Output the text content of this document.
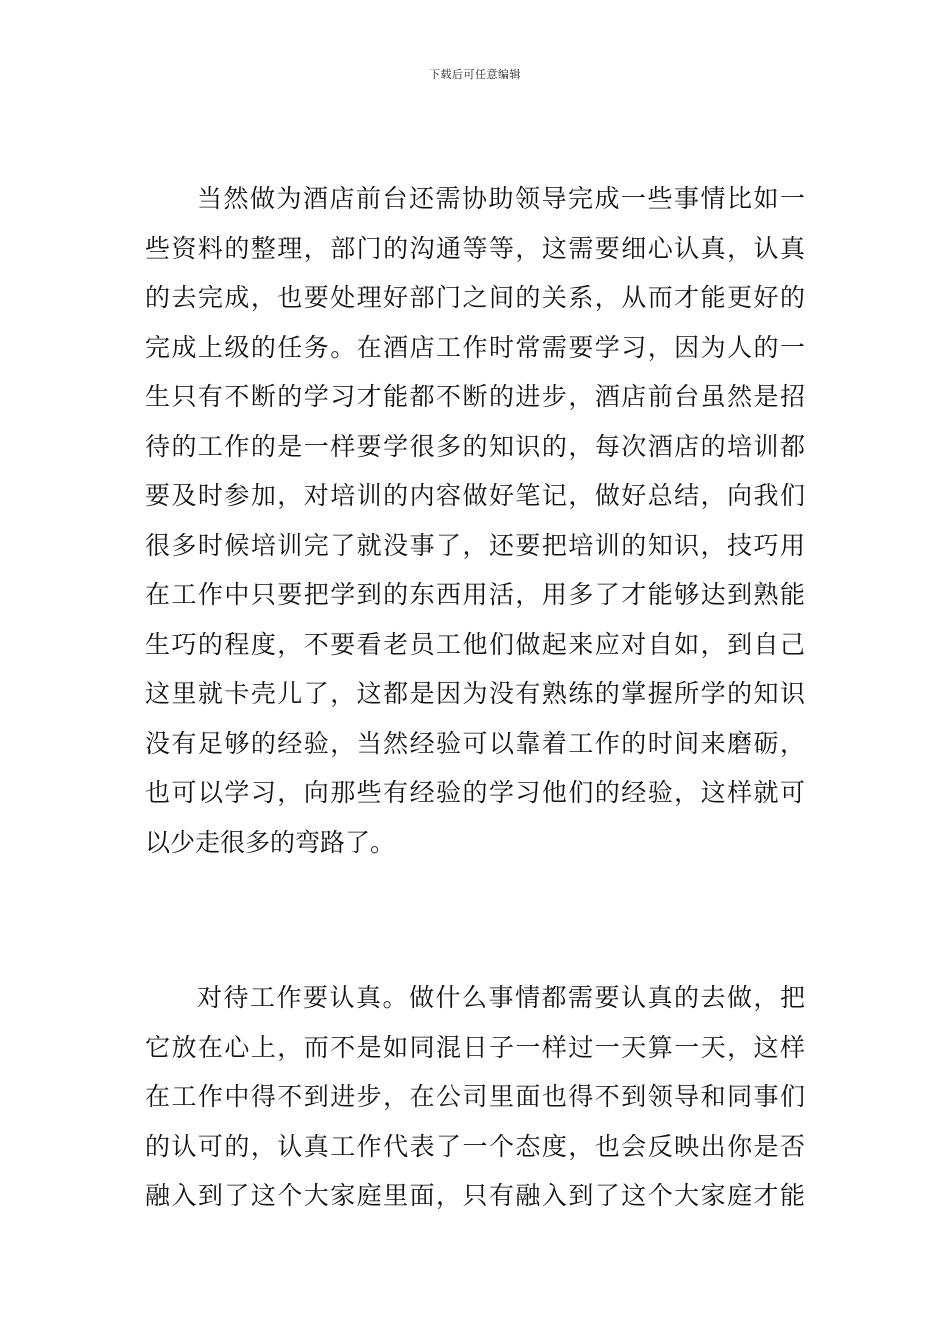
下载后可任意编辑
当然做为酒店前台还需协助领导完成一些事情比如一
些资料的整理，部门的沟通等等，这需要细心认真，认真
的去完成，也要处理好部门之间的关系，从而才能更好的
完成上级的任务。在酒店工作时常需要学习，因为人的一
生只有不断的学习才能都不断的进步，酒店前台虽然是招
待的工作的是一样要学很多的知识的，每次酒店的培训都
要及时参加，对培训的内容做好笔记，做好总结，向我们
很多时候培训完了就没事了，还要把培训的知识，技巧用
在工作中只要把学到的东西用活，用多了才能够达到熟能
生巧的程度，不要看老员工他们做起来应对自如，到自己
这里就卡壳儿了，这都是因为没有熟练的掌握所学的知识
没有足够的经验，当然经验可以靠着工作的时间来磨砺，
也可以学习，向那些有经验的学习他们的经验，这样就可
以少走很多的弯路了。
对待工作要认真。做什么事情都需要认真的去做，把
它放在心上，而不是如同混日子一样过一天算一天，这样
在工作中得不到进步，在公司里面也得不到领导和同事们
的认可的，认真工作代表了一个态度，也会反映出你是否
融入到了这个大家庭里面，只有融入到了这个大家庭才能
